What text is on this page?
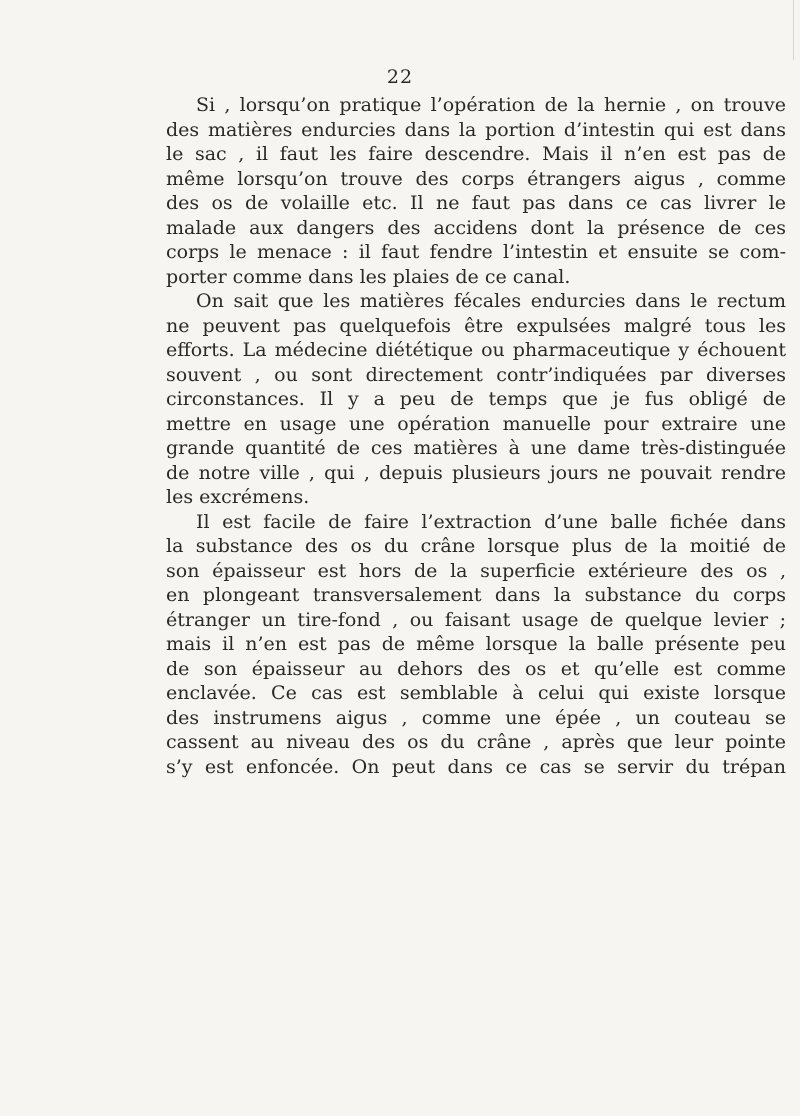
22
Si , lorsqu’on pratique l’opération de la hernie , on trouve
des matières endurcies dans la portion d’intestin qui est dans
le sac , il faut les faire descendre. Mais il n’en est pas de
même lorsqu’on trouve des corps étrangers aigus , comme
des os de volaille etc. Il ne faut pas dans ce cas livrer le
malade aux dangers des accidens dont la présence de ces
corps le menace : il faut fendre l’intestin et ensuite se com-
porter comme dans les plaies de ce canal.
On sait que les matières fécales endurcies dans le rectum
ne peuvent pas quelquefois être expulsées malgré tous les
efforts. La médecine diététique ou pharmaceutique y échouent
souvent , ou sont directement contr’indiquées par diverses
circonstances. Il y a peu de temps que je fus obligé de
mettre en usage une opération manuelle pour extraire une
grande quantité de ces matières à une dame très-distinguée
de notre ville , qui , depuis plusieurs jours ne pouvait rendre
les excrémens.
Il est facile de faire l’extraction d’une balle fichée dans
la substance des os du crâne lorsque plus de la moitié de
son épaisseur est hors de la superficie extérieure des os ,
en plongeant transversalement dans la substance du corps
étranger un tire-fond , ou faisant usage de quelque levier ;
mais il n’en est pas de même lorsque la balle présente peu
de son épaisseur au dehors des os et qu’elle est comme
enclavée. Ce cas est semblable à celui qui existe lorsque
des instrumens aigus , comme une épée , un couteau se
cassent au niveau des os du crâne , après que leur pointe
s’y est enfoncée. On peut dans ce cas se servir du trépan
